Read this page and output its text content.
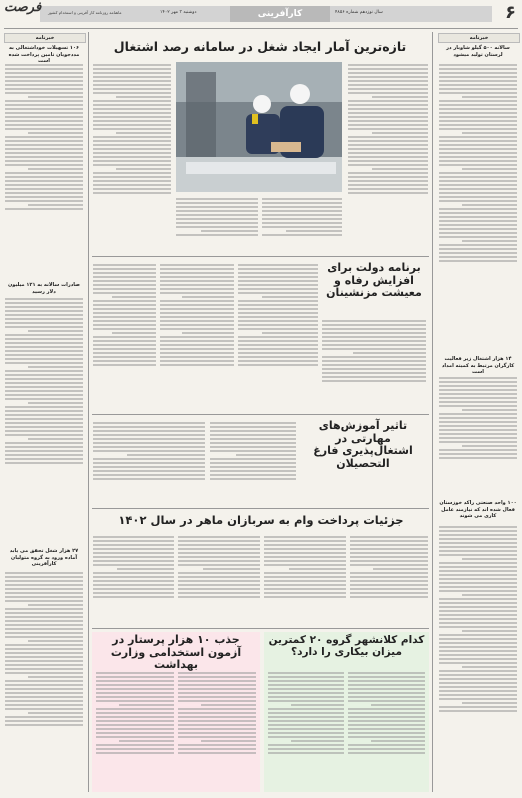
۶
کارآفرینی	سال نوزدهم شماره ۴۸۵۶
دوشنبه ۳ مهر ۱۴۰۲
ماهنامه روزنامه کار آفرینی و استخدام کشور
فرصت
خبرنامه
۱۰۶ تسهیلات خوداشتغالی به مددجویان تامین پرداخت شده است
صادرات سالانه به ۱۲۱ میلیون دلار رسید
۲۷ هزار شغل تحقق می یابد آماده ورود به گروه متولیان کارآفرینی
خبرنامه
سالانه ۵۰۰ گیلو شاوبار در لرستان تولید میشود
۱۴ هزار اشتغال زیر فعالیت کارگران مرتبط به کمیته امداد است
۱۰۰ واحد صنعتی راکد خوزستان فعال شده اند که نیازمند عامل کاری می شوند
تازه‌ترین آمار ایجاد شغل در سامانه رصد اشتغال
برنامه دولت برای افزایش رفاه و معیشت مزنشینان
تاثیر آموزش‌های مهارتی در اشتغال‌پذیری فارغ التحصیلان
جزئیات پرداخت وام به سربازان ماهر در سال ۱۴۰۲
جذب ۱۰ هزار پرستار در آزمون استخدامی وزارت بهداشت
کدام کلانشهر گروه ۲۰ کمترین میزان بیکاری را دارد؟
